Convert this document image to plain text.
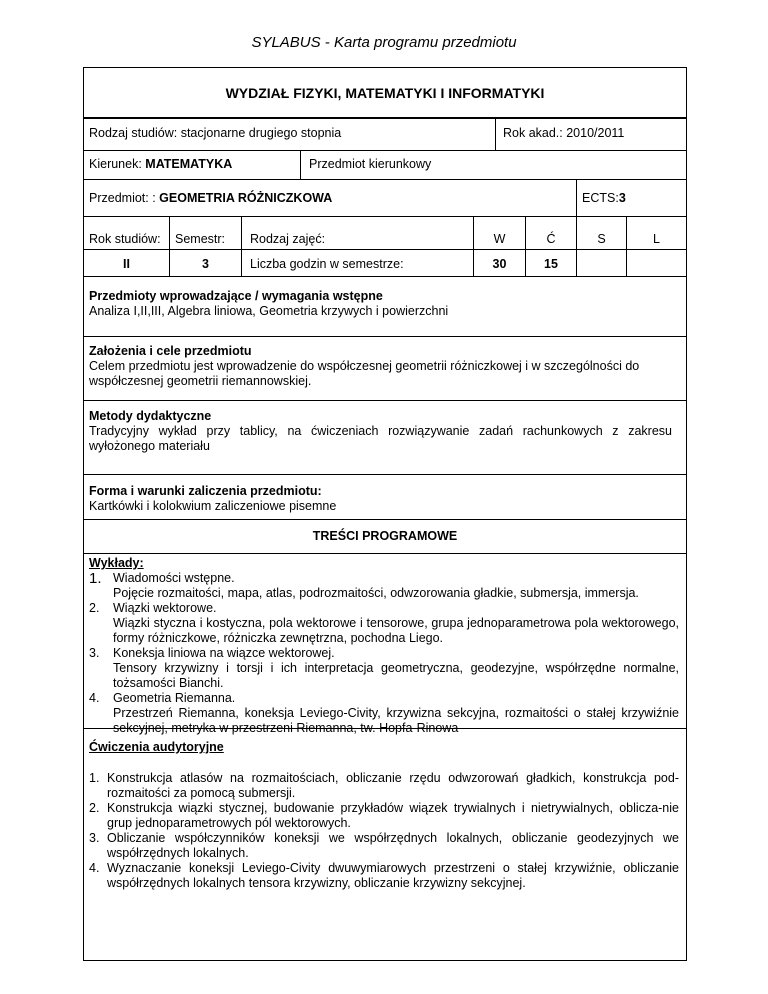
SYLABUS - Karta programu przedmiotu
WYDZIAŁ FIZYKI, MATEMATYKI I INFORMATYKI
Rodzaj studiów: stacjonarne drugiego stopnia	Rok akad.: 2010/2011
Kierunek: MATEMATYKA	Przedmiot kierunkowy
Przedmiot: : GEOMETRIA RÓŻNICZKOWA	ECTS:3
Rok studiów: Semestr: Rodzaj zajęć:	W	Ć	S	L
II	3	Liczba godzin w semestrze:	30	15

Przedmioty wprowadzające / wymagania wstępne

Analiza I,II,III, Algebra liniowa, Geometria krzywych i powierzchni

Założenia i cele przedmiotu

Celem przedmiotu jest wprowadzenie do współczesnej geometrii różniczkowej i w szczególności do

współczesnej geometrii riemannowskiej.

Metody dydaktyczne

Tradycyjny wykład przy tablicy, na ćwiczeniach rozwiązywanie zadań rachunkowych z zakresu

wyłożonego materiału

Forma i warunki zaliczenia przedmiotu:

Kartkówki i kolokwium zaliczeniowe pisemne

TREŚCI PROGRAMOWE
Wykłady:
1. Wiadomości wstępne.
Pojęcie rozmaitości, mapa, atlas, podrozmaitości, odwzorowania gładkie, submersja, immersja.
2. Wiązki wektorowe.
Wiązki styczna i kostyczna, pola wektorowe i tensorowe, grupa jednoparametrowa pola wektorowego, formy różniczkowe, różniczka zewnętrzna, pochodna Liego.
3. Koneksja liniowa na wiązce wektorowej.
Tensory krzywizny i torsji i ich interpretacja geometryczna, geodezyjne, współrzędne normalne, tożsamości Bianchi.
4. Geometria Riemanna.
Przestrzeń Riemanna, koneksja Leviego-Civity, krzywizna sekcyjna, rozmaitości o stałej krzywiźnie sekcyjnej, metryka w przestrzeni Riemanna, tw. Hopfa-Rinowa
Ćwiczenia audytoryjne
1. Konstrukcja atlasów na rozmaitościach, obliczanie rzędu odwzorowań gładkich, konstrukcja pod-rozmaitości za pomocą submersji.
2. Konstrukcja wiązki stycznej, budowanie przykładów wiązek trywialnych i nietrywialnych, oblicza-nie grup jednoparametrowych pól wektorowych.
3. Obliczanie współczynników koneksji we współrzędnych lokalnych, obliczanie geodezyjnych we współrzędnych lokalnych.
4. Wyznaczanie koneksji Leviego-Civity dwuwymiarowych przestrzeni o stałej krzywiźnie, obliczanie współrzędnych lokalnych tensora krzywizny, obliczanie krzywizny sekcyjnej.
